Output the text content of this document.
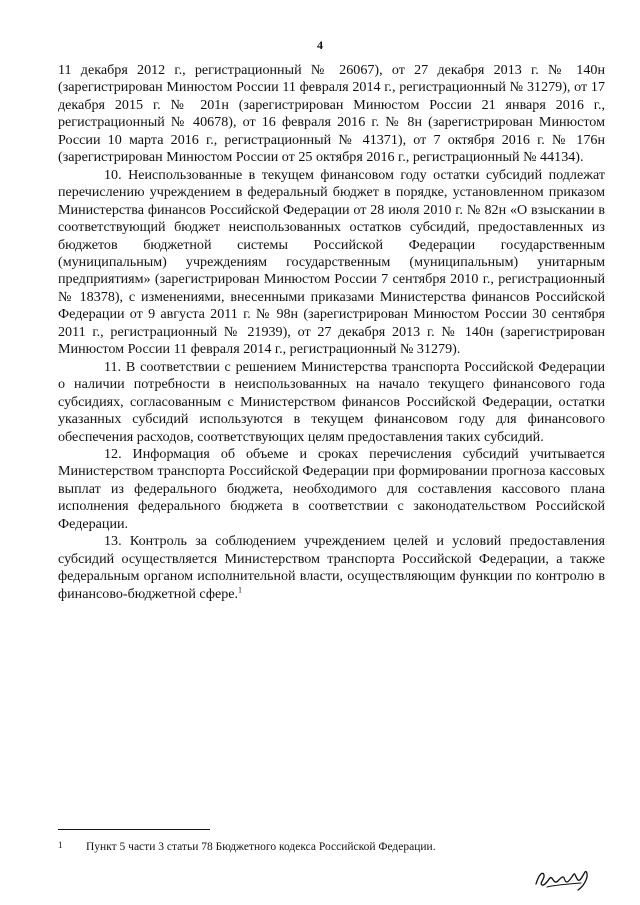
4

11 декабря 2012 г., регистрационный № 26067), от 27 декабря 2013 г. № 140н (зарегистрирован Минюстом России 11 февраля 2014 г., регистрационный № 31279), от 17 декабря 2015 г. № 201н (зарегистрирован Минюстом России 21 января 2016 г., регистрационный № 40678), от 16 февраля 2016 г. № 8н (зарегистрирован Минюстом России 10 марта 2016 г., регистрационный № 41371), от 7 октября 2016 г. № 176н (зарегистрирован Минюстом России от 25 октября 2016 г., регистрационный № 44134).

10. Неиспользованные в текущем финансовом году остатки субсидий подлежат перечислению учреждением в федеральный бюджет в порядке, установленном приказом Министерства финансов Российской Федерации от 28 июля 2010 г. № 82н «О взыскании в соответствующий бюджет неиспользованных остатков субсидий, предоставленных из бюджетов бюджетной системы Российской Федерации государственным (муниципальным) учреждениям государственным (муниципальным) унитарным предприятиям» (зарегистрирован Минюстом России 7 сентября 2010 г., регистрационный № 18378), с изменениями, внесенными приказами Министерства финансов Российской Федерации от 9 августа 2011 г. № 98н (зарегистрирован Минюстом России 30 сентября 2011 г., регистрационный № 21939), от 27 декабря 2013 г. № 140н (зарегистрирован Минюстом России 11 февраля 2014 г., регистрационный № 31279).

11. В соответствии с решением Министерства транспорта Российской Федерации о наличии потребности в неиспользованных на начало текущего финансового года субсидиях, согласованным с Министерством финансов Российской Федерации, остатки указанных субсидий используются в текущем финансовом году для финансового обеспечения расходов, соответствующих целям предоставления таких субсидий.

12. Информация об объеме и сроках перечисления субсидий учитывается Министерством транспорта Российской Федерации при формировании прогноза кассовых выплат из федерального бюджета, необходимого для составления кассового плана исполнения федерального бюджета в соответствии с законодательством Российской Федерации.

13. Контроль за соблюдением учреждением целей и условий предоставления субсидий осуществляется Министерством транспорта Российской Федерации, а также федеральным органом исполнительной власти, осуществляющим функции по контролю в финансово-бюджетной сфере.$^1$

1 Пункт 5 части 3 статьи 78 Бюджетного кодекса Российской Федерации.
